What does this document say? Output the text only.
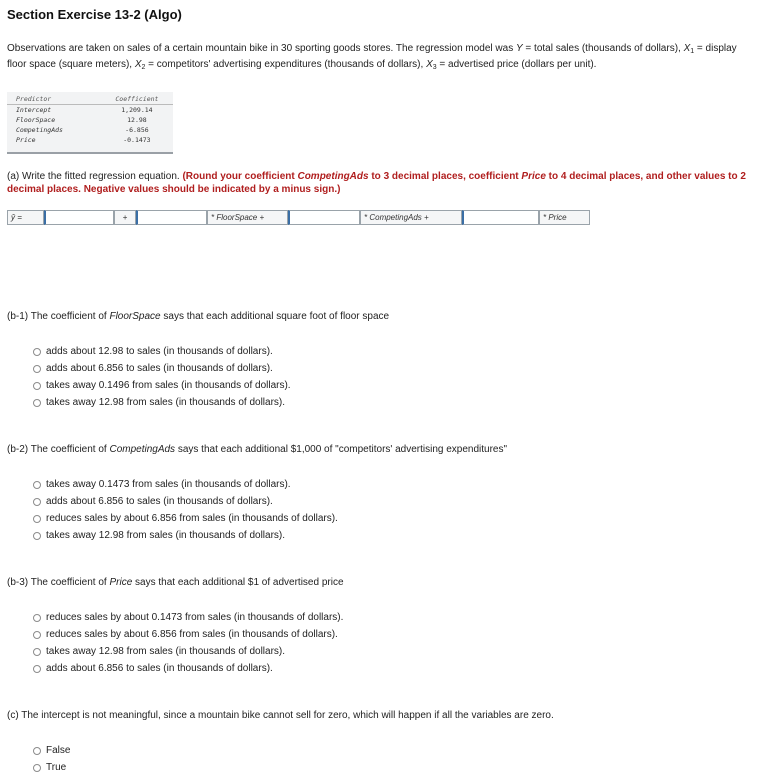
Section Exercise 13-2 (Algo)
Observations are taken on sales of a certain mountain bike in 30 sporting goods stores. The regression model was Y = total sales (thousands of dollars), $X_1$ = display floor space (square meters), $X_2$ = competitors' advertising expenditures (thousands of dollars), $X_3$ = advertised price (dollars per unit).
Predictor	Coefficient
Intercept	1,209.14
FloorSpace	12.98
CompetingAds	-6.856
Price	-0.1473
(a) Write the fitted regression equation. (Round your coefficient CompetingAds to 3 decimal places, coefficient Price to 4 decimal places, and other values to 2 decimal places. Negative values should be indicated by a minus sign.)
ŷ =	+	* FloorSpace +	* CompetingAds +	* Price
(b-1) The coefficient of FloorSpace says that each additional square foot of floor space
adds about 12.98 to sales (in thousands of dollars).
adds about 6.856 to sales (in thousands of dollars).
takes away 0.1496 from sales (in thousands of dollars).
takes away 12.98 from sales (in thousands of dollars).
(b-2) The coefficient of CompetingAds says that each additional $1,000 of "competitors' advertising expenditures"
takes away 0.1473 from sales (in thousands of dollars).
adds about 6.856 to sales (in thousands of dollars).
reduces sales by about 6.856 from sales (in thousands of dollars).
takes away 12.98 from sales (in thousands of dollars).
(b-3) The coefficient of Price says that each additional $1 of advertised price
reduces sales by about 0.1473 from sales (in thousands of dollars).
reduces sales by about 6.856 from sales (in thousands of dollars).
takes away 12.98 from sales (in thousands of dollars).
adds about 6.856 to sales (in thousands of dollars).
(c) The intercept is not meaningful, since a mountain bike cannot sell for zero, which will happen if all the variables are zero.
False
True
